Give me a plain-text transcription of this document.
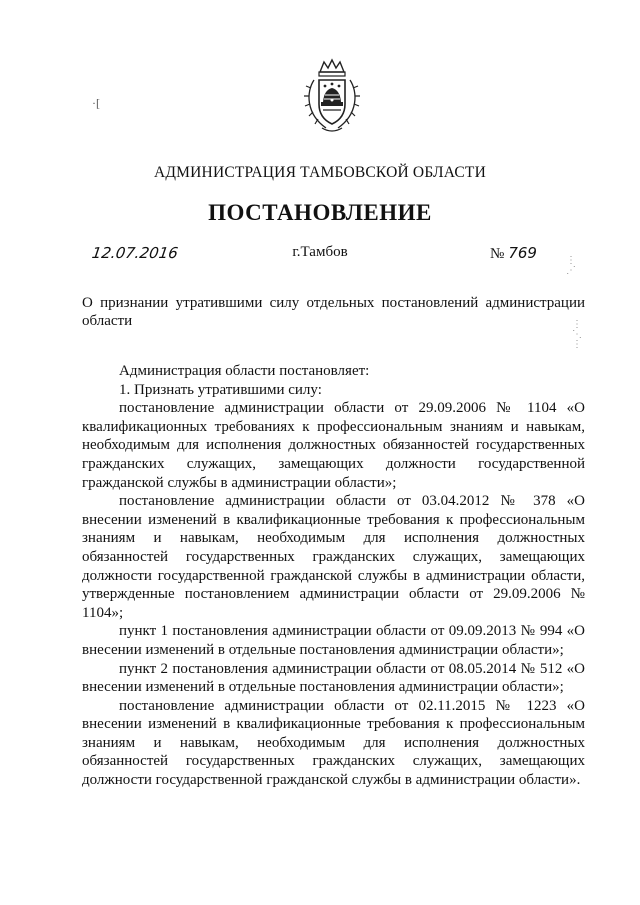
АДМИНИСТРАЦИЯ ТАМБОВСКОЙ ОБЛАСТИ
ПОСТАНОВЛЕНИЕ
12.07.2016	г.Тамбов	№ 769
О признании утратившими силу отдельных постановлений администрации области

Администрация области постановляет:

1. Признать утратившими силу:

постановление администрации области от 29.09.2006 № 1104 «О квалификационных требованиях к профессиональным знаниям и навыкам, необходимым для исполнения должностных обязанностей государственных гражданских служащих, замещающих должности государственной гражданской службы в администрации области»;

постановление администрации области от 03.04.2012 № 378 «О внесении изменений в квалификационные требования к профессиональным знаниям и навыкам, необходимым для исполнения должностных обязанностей государственных гражданских служащих, замещающих должности государственной гражданской службы в администрации области, утвержденные постановлением администрации области от 29.09.2006 № 1104»;

пункт 1 постановления администрации области от 09.09.2013 № 994 «О внесении изменений в отдельные постановления администрации области»;

пункт 2 постановления администрации области от 08.05.2014 № 512 «О внесении изменений в отдельные постановления администрации области»;

постановление администрации области от 02.11.2015 № 1223 «О внесении изменений в квалификационные требования к профессиональным знаниям и навыкам, необходимым для исполнения должностных обязанностей государственных гражданских служащих, замещающих должности государственной гражданской службы в администрации области».

·[
⋮
⋰
⋮
⋱
⋮
